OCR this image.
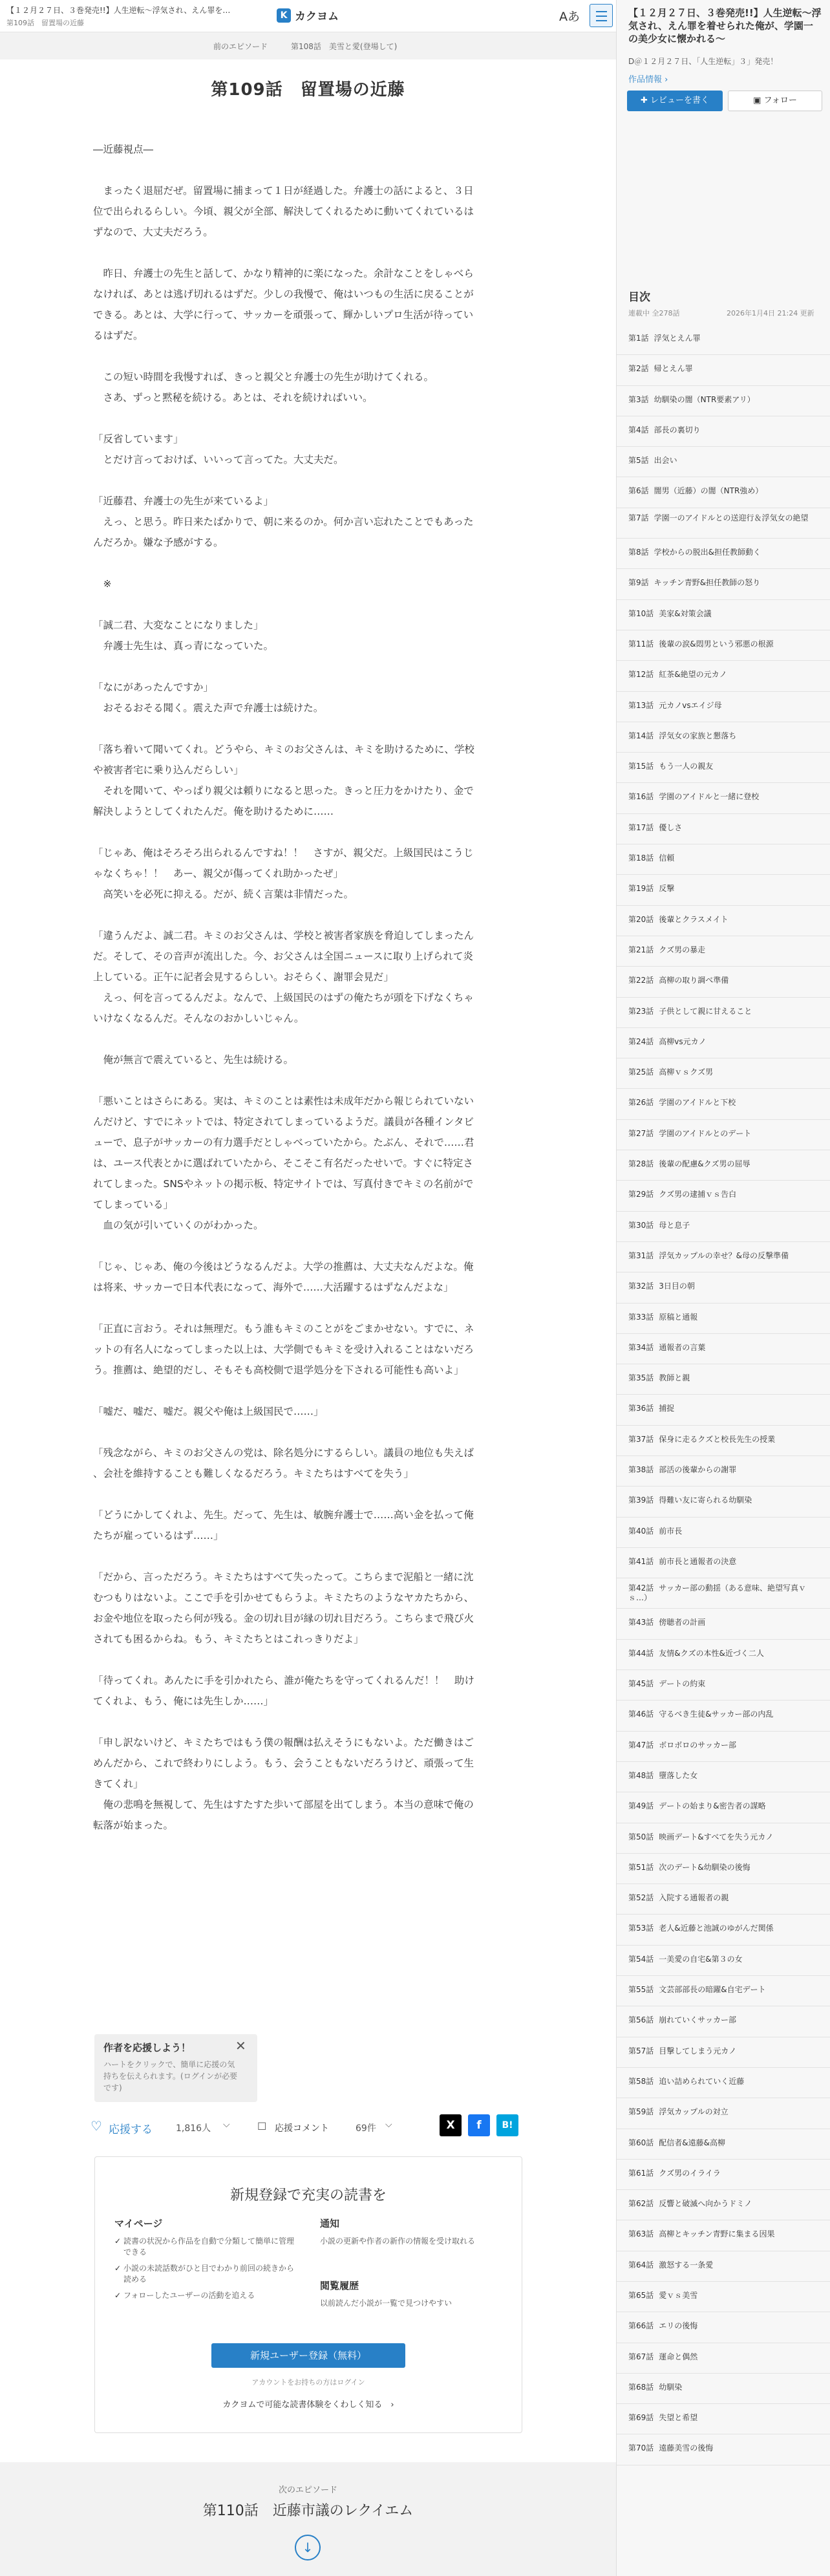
【１２月２７日、３巻発売!!】人生逆転～浮気され、えん罪を…
第109話　留置場の近藤
K カクヨム	Aあ
前のエピソード	第108話　美雪と愛(登場して)
第109話　留置場の近藤

―近藤視点―

　まったく退屈だぜ。留置場に捕まって１日が経過した。弁護士の話によると、３日

位で出られるらしい。今頃、親父が全部、解決してくれるために動いてくれているは

ずなので、大丈夫だろう。

　昨日、弁護士の先生と話して、かなり精神的に楽になった。余計なことをしゃべら

なければ、あとは逃げ切れるはずだ。少しの我慢で、俺はいつもの生活に戻ることが

できる。あとは、大学に行って、サッカーを頑張って、輝かしいプロ生活が待ってい

るはずだ。

　この短い時間を我慢すれば、きっと親父と弁護士の先生が助けてくれる。

　さあ、ずっと黙秘を続ける。あとは、それを続ければいい。

「反省しています」

　とだけ言っておけば、いいって言ってた。大丈夫だ。

「近藤君、弁護士の先生が来ているよ」

　えっ、と思う。昨日来たばかりで、朝に来るのか。何か言い忘れたことでもあった

んだろか。嫌な予感がする。

　※

「誠二君、大変なことになりました」

　弁護士先生は、真っ青になっていた。

「なにがあったんですか」

　おそるおそる聞く。震えた声で弁護士は続けた。

「落ち着いて聞いてくれ。どうやら、キミのお父さんは、キミを助けるために、学校

や被害者宅に乗り込んだらしい」

　それを聞いて、やっぱり親父は頼りになると思った。きっと圧力をかけたり、金で

解決しようとしてくれたんだ。俺を助けるために……

「じゃあ、俺はそろそろ出られるんですね！！　さすが、親父だ。上級国民はこうじ

ゃなくちゃ！！　あー、親父が傷ってくれ助かったぜ」

　高笑いを必死に抑える。だが、続く言葉は非情だった。

「違うんだよ、誠二君。キミのお父さんは、学校と被害者家族を脅迫してしまったん

だ。そして、その音声が流出した。今、お父さんは全国ニュースに取り上げられて炎

上している。正午に記者会見するらしい。おそらく、謝罪会見だ」

　えっ、何を言ってるんだよ。なんで、上級国民のはずの俺たちが頭を下げなくちゃ

いけなくなるんだ。そんなのおかしいじゃん。

　俺が無言で震えていると、先生は続ける。

「悪いことはさらにある。実は、キミのことは素性は未成年だから報じられていない

んだけど、すでにネットでは、特定されてしまっているようだ。議員が各種インタビ

ューで、息子がサッカーの有力選手だとしゃべっていたから。たぶん、それで……君

は、ユース代表とかに選ばれていたから、そこそこ有名だったせいで。すぐに特定さ

れてしまった。SNSやネットの掲示板、特定サイトでは、写真付きでキミの名前がで

てしまっている」

　血の気が引いていくのがわかった。

「じゃ、じゃあ、俺の今後はどうなるんだよ。大学の推薦は、大丈夫なんだよな。俺

は将来、サッカーで日本代表になって、海外で……大活躍するはずなんだよな」

「正直に言おう。それは無理だ。もう誰もキミのことがをごまかせない。すでに、ネ

ットの有名人になってしまった以上は、大学側でもキミを受け入れることはないだろ

う。推薦は、絶望的だし、そもそも高校側で退学処分を下される可能性も高いよ」

「嘘だ、嘘だ、嘘だ。親父や俺は上級国民で……」

「残念ながら、キミのお父さんの党は、除名処分にするらしい。議員の地位も失えば

、会社を維持することも難しくなるだろう。キミたちはすべてを失う」

「どうにかしてくれよ、先生。だって、先生は、敏腕弁護士で……高い金を払って俺

たちが雇っているはず……」

「だから、言っただろう。キミたちはすべて失ったって。こちらまで泥船と一緒に沈

むつもりはないよ。ここで手を引かせてもらうよ。キミたちのようなヤカたちから、

お金や地位を取ったら何が残る。金の切れ目が縁の切れ目だろう。こちらまで飛び火

されても困るからね。もう、キミたちとはこれっきりだよ」

「待ってくれ。あんたに手を引かれたら、誰が俺たちを守ってくれるんだ！！　助け

てくれよ、もう、俺には先生しか……」

「申し訳ないけど、キミたちではもう僕の報酬は払えそうにもないよ。ただ働きはご

めんだから、これで終わりにしよう。もう、会うこともないだろうけど、頑張って生

きてくれ」

　俺の悲鳴を無視して、先生はすたすた歩いて部屋を出てしまう。本当の意味で俺の

転落が始まった。

作者を応援しよう！	✕
ハートをクリックで、簡単に応援の気持ちを伝えられます。(ログインが必要です)
♡ 応援する	1,816人 ⌵	☐ 応援コメント	69件 ⌵	X	f	B!
新規登録で充実の読書を
マイページ
✓ 読書の状況から作品を自動で分類して簡単に管理できる
✓ 小説の未読話数がひと目でわかり前回の続きから読める
✓ フォローしたユーザーの活動を追える
通知
小説の更新や作者の新作の情報を受け取れる
閲覧履歴
以前読んだ小説が一覧で見つけやすい
新規ユーザー登録（無料）
アカウントをお持ちの方はログイン
カクヨムで可能な読書体験をくわしく知る　›
次のエピソード
第110話　近藤市議のレクイエム
↓
【１２月２７日、３巻発売!!】人生逆転～浮気され、えん罪を着せられた俺が、学園一の美少女に懐かれる～
D＠１２月２７日、「人生逆転」３」発売！
作品情報 ›
✚ レビューを書く	▣ フォロー
目次
連載中 全278話	2026年1月4日 21:24 更新
第1話 浮気とえん罪
第2話 帰とえん罪
第3話 幼馴染の闇（NTR要素アリ）
第4話 部長の裏切り
第5話 出会い
第6話 闇男（近藤）の闇（NTR強め）
第7話 学園一のアイドルとの送迎行＆浮気女の絶望
第8話 学校からの脱出&担任教師動く
第9話 キッチン青野&担任教師の怒り
第10話 美家&対策会議
第11話 後輩の涙&悶男という邪悪の根源
第12話 紅茶&絶望の元カノ
第13話 元カノvsエイジ母
第14話 浮気女の家族と懇落ち
第15話 もう一人の親友
第16話 学園のアイドルと一緒に登校
第17話 優しさ
第18話 信頼
第19話 反撃
第20話 後輩とクラスメイト
第21話 クズ男の暴走
第22話 高柳の取り調べ準備
第23話 子供として親に甘えること
第24話 高柳vs元カノ
第25話 高柳ｖｓクズ男
第26話 学園のアイドルと下校
第27話 学園のアイドルとのデート
第28話 後輩の配慮&クズ男の屈辱
第29話 クズ男の逮捕ｖｓ告白
第30話 母と息子
第31話 浮気カップルの幸せ？&母の反撃準備
第32話 3日目の朝
第33話 原稿と通報
第34話 通報者の言葉
第35話 教師と親
第36話 捕捉
第37話 保身に走るクズと校長先生の授業
第38話 部活の後輩からの謝罪
第39話 得難い友に寄られる幼馴染
第40話 前市長
第41話 前市長と通報者の決意
第42話 サッカー部の動揺（ある意味、絶望写真ｖｓ…）
第43話 傍聴者の計画
第44話 友情&クズの本性&近づく二人
第45話 デートの約束
第46話 守るべき生徒&サッカー部の内乱
第47話 ボロボロのサッカー部
第48話 墮落した女
第49話 デートの始まり&密告者の謀略
第50話 映画デート&すべてを失う元カノ
第51話 次のデート&幼馴染の後悔
第52話 入院する通報者の親
第53話 老人&近藤と池誠のゆがんだ関係
第54話 一美愛の自宅&第３の女
第55話 文芸部部長の暗躍&自宅デート
第56話 崩れていくサッカー部
第57話 目撃してしまう元カノ
第58話 追い詰められていく近藤
第59話 浮気カップルの対立
第60話 配信者&遠藤&高柳
第61話 クズ男のイライラ
第62話 反響と破滅へ向かうドミノ
第63話 高柳とキッチン青野に集まる因果
第64話 激怒する一条愛
第65話 愛ｖｓ美雪
第66話 エリの後悔
第67話 運命と偶然
第68話 幼馴染
第69話 失望と希望
第70話 遠藤美雪の後悔
